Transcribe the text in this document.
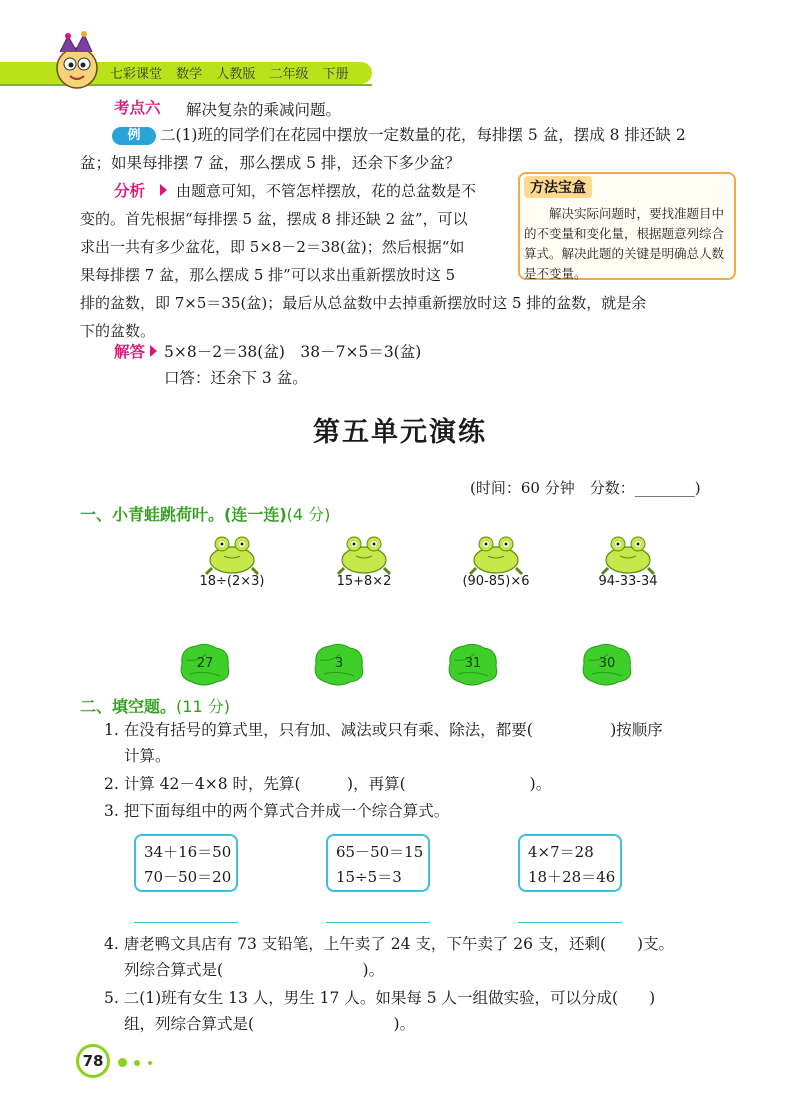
七彩课堂 数学 人教版 二年级 下册
考点六 解决复杂的乘减问题。
例	二(1)班的同学们在花园中摆放一定数量的花，每排摆 5 盆，摆成 8 排还缺 2
盆；如果每排摆 7 盆，那么摆成 5 排，还余下多少盆？
分析 由题意可知，不管怎样摆放，花的总盆数是不
变的。首先根据“每排摆 5 盆，摆成 8 排还缺 2 盆”，可以
求出一共有多少盆花，即 5×8－2＝38(盆)；然后根据“如
果每排摆 7 盆，那么摆成 5 排”可以求出重新摆放时这 5
排的盆数，即 7×5＝35(盆)；最后从总盆数中去掉重新摆放时这 5 排的盆数，就是余
下的盆数。
方法宝盒
解决实际问题时，要找准题目中的不变量和变化量，根据题意列综合算式。解决此题的关键是明确总人数是不变量。
解答 5×8－2＝38(盆)　38－7×5＝3(盆)
口答：还余下 3 盆。
第五单元演练
(时间：60 分钟　分数：________)
一、小青蛙跳荷叶。(连一连)(4 分)
18÷(2×3)
27
15+8×2
3
(90-85)×6
31
94-33-34
30
二、填空题。(11 分)
1. 在没有括号的算式里，只有加、减法或只有乘、除法，都要(　　　　　)按顺序
计算。
2. 计算 42－4×8 时，先算(　　　)，再算(　　　　　　　　)。
3. 把下面每组中的两个算式合并成一个综合算式。
34＋16＝50
70－50＝20
65－50＝15
15÷5＝3
4×7＝28
18＋28＝46
4. 唐老鸭文具店有 73 支铅笔，上午卖了 24 支，下午卖了 26 支，还剩(　　)支。
列综合算式是(　　　　　　　　　)。
5. 二(1)班有女生 13 人，男生 17 人。如果每 5 人一组做实验，可以分成(　　)
组，列综合算式是(　　　　　　　　　)。
78
